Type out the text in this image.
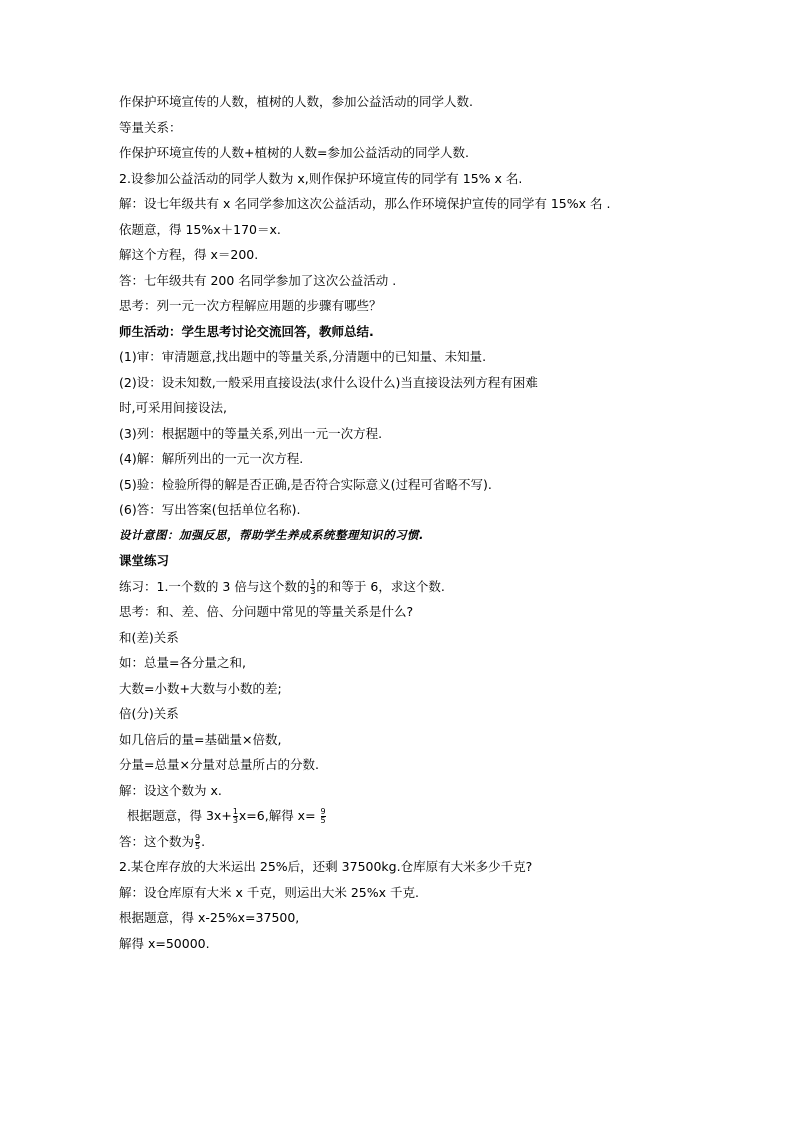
作保护环境宣传的人数，植树的人数，参加公益活动的同学人数.
等量关系：
作保护环境宣传的人数+植树的人数=参加公益活动的同学人数.
2.设参加公益活动的同学人数为 x,则作保护环境宣传的同学有 15% x 名.
解：设七年级共有 x 名同学参加这次公益活动，那么作环境保护宣传的同学有 15%x 名 .
依题意，得 15%x＋170＝x.
解这个方程，得 x＝200.
答：七年级共有 200 名同学参加了这次公益活动 .
思考：列一元一次方程解应用题的步骤有哪些？
师生活动：学生思考讨论交流回答，教师总结.
(1)审：审清题意,找出题中的等量关系,分清题中的已知量、未知量.
(2)设：设未知数,一般采用直接设法(求什么设什么)当直接设法列方程有困难
时,可采用间接设法,
(3)列：根据题中的等量关系,列出一元一次方程.
(4)解：解所列出的一元一次方程.
(5)验：检验所得的解是否正确,是否符合实际意义(过程可省略不写).
(6)答：写出答案(包括单位名称).
设计意图：加强反思，帮助学生养成系统整理知识的习惯.
课堂练习
练习：1.一个数的 3 倍与这个数的 $\frac{1}{3}$ 的和等于 6，求这个数.
思考：和、差、倍、分问题中常见的等量关系是什么?
和(差)关系
如：总量=各分量之和,
大数=小数+大数与小数的差;
倍(分)关系
如几倍后的量=基础量×倍数,
分量=总量×分量对总量所占的分数.
解：设这个数为 x.
根据题意，得 $3x+ \frac{1}{3} x=6$,解得 $x= \frac{9}{5}$
答：这个数为 $\frac{9}{5}$ .
2.某仓库存放的大米运出 25%后，还剩 37500kg.仓库原有大米多少千克?
解：设仓库原有大米 x 千克，则运出大米 25%x 千克.
根据题意，得 x-25%x=37500,
解得 x=50000.
